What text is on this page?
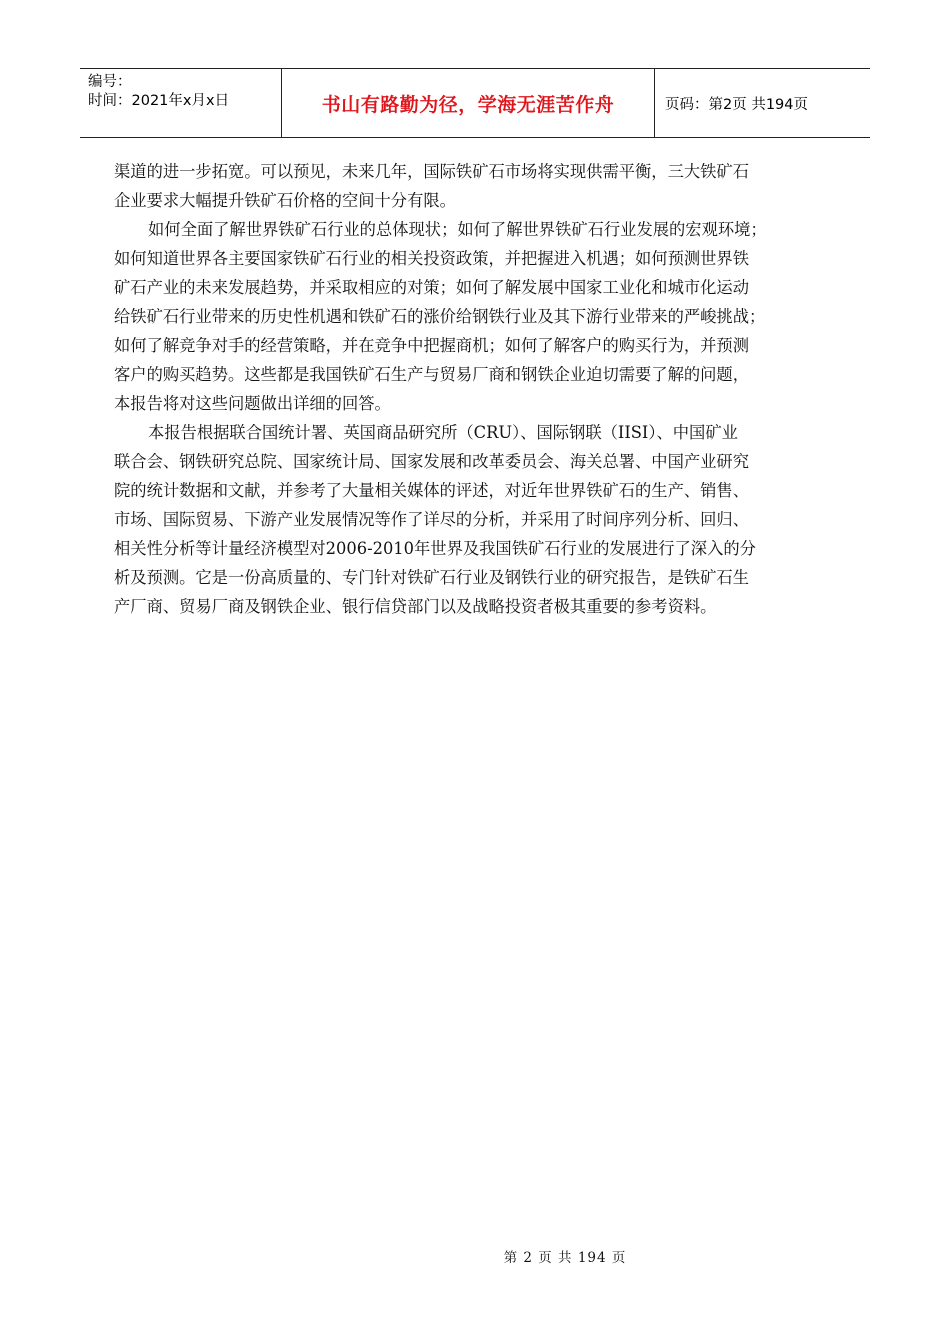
编号：
时间：2021年x月x日	书山有路勤为径，学海无涯苦作舟	页码：第2页 共194页

渠道的进一步拓宽。可以预见，未来几年，国际铁矿石市场将实现供需平衡，三大铁矿石
企业要求大幅提升铁矿石价格的空间十分有限。

如何全面了解世界铁矿石行业的总体现状；如何了解世界铁矿石行业发展的宏观环境；
如何知道世界各主要国家铁矿石行业的相关投资政策，并把握进入机遇；如何预测世界铁
矿石产业的未来发展趋势，并采取相应的对策；如何了解发展中国家工业化和城市化运动
给铁矿石行业带来的历史性机遇和铁矿石的涨价给钢铁行业及其下游行业带来的严峻挑战；
如何了解竞争对手的经营策略，并在竞争中把握商机；如何了解客户的购买行为，并预测
客户的购买趋势。这些都是我国铁矿石生产与贸易厂商和钢铁企业迫切需要了解的问题，
本报告将对这些问题做出详细的回答。

本报告根据联合国统计署、英国商品研究所（CRU）、国际钢联（IISI）、中国矿业
联合会、钢铁研究总院、国家统计局、国家发展和改革委员会、海关总署、中国产业研究
院的统计数据和文献，并参考了大量相关媒体的评述，对近年世界铁矿石的生产、销售、
市场、国际贸易、下游产业发展情况等作了详尽的分析，并采用了时间序列分析、回归、
相关性分析等计量经济模型对2006-2010年世界及我国铁矿石行业的发展进行了深入的分
析及预测。它是一份高质量的、专门针对铁矿石行业及钢铁行业的研究报告，是铁矿石生
产厂商、贸易厂商及钢铁企业、银行信贷部门以及战略投资者极其重要的参考资料。

第 2 页 共 194 页
